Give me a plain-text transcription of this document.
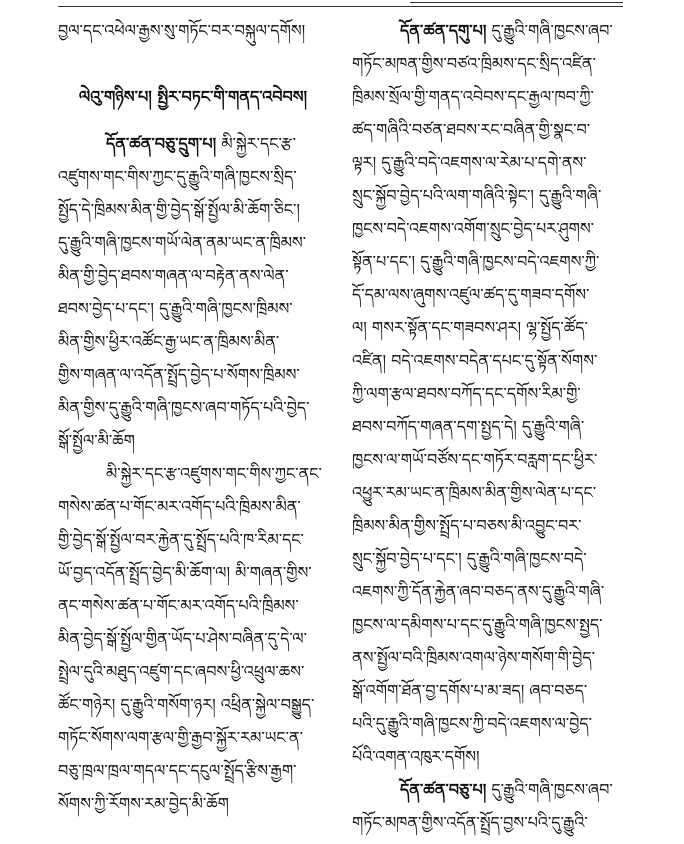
བྱལ་དང་འཕེལ་རྒྱས་སུ་གཏོང་བར་བསྐུལ་དགོས།
ལེའུ་གཉིས་པ། སྤྱིར་བཏང་གི་གནད་འབེབས།
དོན་ཚན་བཅུ་དྲུག་པ། མི་སྐྱེར་དང་རྩ་
འཛུགས་གང་གིས་ཀྱང་དུ་རྒྱུའི་གཞི་ཁྱངས་སྲིད་
སྤྱོད་དེ་ཁྲིམས་མིན་གྱི་བྱེད་སྒོ་སྤྱོལ་མི་ཆོག་ཅིང་།
དུ་རྒྱུའི་གཞི་ཁྱངས་གཡོ་ལེན་ནམ་ཡང་ན་ཁྲིམས་
མིན་གྱི་བྱེད་ཐབས་གཞན་ལ་བརྟེན་ནས་ལེན་
ཐབས་བྱེད་པ་དང་། དུ་རྒྱུའི་གཞི་ཁྱངས་ཁྲིམས་
མིན་གྱིས་ཕྱིར་འཚོང་རྒྱ་ཡང་ན་ཁྲིམས་མིན་
གྱིས་གཞན་ལ་འདོན་སྤྲོད་བྱེད་པ་སོགས་ཁྲིམས་
མིན་གྱིས་དུ་རྒྱུའི་གཞི་ཁྱངས་ཞབ་གཏོད་པའི་བྱེད་
སྒོ་སྤྱོལ་མི་ཆོག
མི་སྐྱེར་དང་རྩ་འཛུགས་གང་གིས་ཀྱང་ནང་
གསེས་ཚན་པ་གོང་མར་འགོད་པའི་ཁྲིམས་མིན་
གྱི་བྱེད་སྒོ་སྤྱོལ་བར་རྐྱེན་དུ་སྤྲོད་པའི་ཁ་རིམ་དང་
ཡོ་བྱད་འདོན་སྤྲོད་བྱེད་མི་ཆོག་ལ། མི་གཞན་གྱིས་
ནང་གསེས་ཚན་པ་གོང་མར་འགོད་པའི་ཁྲིམས་
མིན་བྱེད་སྒོ་སྤྱོལ་གྱིན་ཡོད་པ་ཤེས་བཞིན་དུ་དེ་ལ་
སྤྲེལ་དུའི་མཐུད་འཛུག་དང་ཞབས་ཕྱི་འཕྲུལ་ཆས་
ཚོང་གཉེར། དུ་རྒྱུའི་གསོག་ཉར། འཕྲིན་སྐྱེལ་བསྒྱུད་
གཏོང་སོགས་ལག་རྩལ་གྱི་རྒྱབ་སྐྱོར་རམ་ཡང་ན་
བཅུ་ཁྲལ་ཁྲལ་གདལ་དང་དངུལ་སྤྲོད་རྩིས་རྒྱག་
སོགས་ཀྱི་རོགས་རམ་བྱེད་མི་ཆོག
དོན་ཚན་དགུ་པ། དུ་རྒྱུའི་གཞི་ཁྱངས་ཞབ་
གཏོང་མཁན་གྱིས་བཙའ་ཁྲིམས་དང་སྲིད་འཛིན་
ཁྲིམས་སྲོལ་གྱི་གནད་འབེབས་དང་རྒྱལ་ཁབ་ཀྱི་
ཚད་གཞིའི་བཙན་ཐབས་རང་བཞིན་གྱི་སྣང་བ་
ལྟར། དུ་རྒྱུའི་བདེ་འཇགས་ལ་རེམ་པ་དགེ་ནས་
སྲུང་སྐྱོབ་བྱེད་པའི་ལག་གཞིའི་སྟེང་། དུ་རྒྱུའི་གཞི་
ཁྱངས་བདེ་འཇགས་འགོག་སྲུང་བྱེད་པར་ཤུགས་
སྟོན་པ་དང་། དུ་རྒྱུའི་གཞི་ཁྱངས་བདེ་འཇགས་ཀྱི་
དོ་དམ་ལས་ཞུགས་འཛུལ་ཚད་དུ་གཟབ་དགོས་
ལ། གསར་སྟོན་དང་གཟབས་ཤར། ལྷ་སྤྱོད་ཚོད་
འཛིན། བདེ་འཇགས་བདེན་དཔང་དུ་སྟོན་སོགས་
ཀྱི་ལག་རྩལ་ཐབས་བཀོད་དང་དགོས་རིམ་གྱི་
ཐབས་བཀོད་གཞན་དག་སྤྱད་དེ། དུ་རྒྱུའི་གཞི་
ཁྱངས་ལ་གཡོ་བཙོས་དང་གཏོར་བརླག་དང་ཕྱིར་
འཕྱུར་རམ་ཡང་ན་ཁྲིམས་མིན་གྱིས་ལེན་པ་དང་
ཁྲིམས་མིན་གྱིས་སྤྲོད་པ་བཅས་མི་འབྱུང་བར་
སྲུང་སྐྱོབ་བྱེད་པ་དང་། དུ་རྒྱུའི་གཞི་ཁྱངས་བདེ་
འཇགས་ཀྱི་དོན་རྐྱེན་ཞབ་བཅད་ནས་དུ་རྒྱུའི་གཞི་
ཁྱངས་ལ་དམིགས་པ་དང་དུ་རྒྱུའི་གཞི་ཁྱངས་སྤྱད་
ནས་སྤྱོལ་བའི་ཁྲིམས་འགལ་ཉེས་གསོག་གི་བྱེད་
སྒོ་འགོག་ཐོན་བྱ་དགོས་པ་མ་ཟད། ཞབ་བཅད་
པའི་དུ་རྒྱུའི་གཞི་ཁྱངས་ཀྱི་བདེ་འཇགས་ལ་བྱེད་
པོའི་འགན་འཁུར་དགོས།
དོན་ཚན་བཅུ་པ། དུ་རྒྱུའི་གཞི་ཁྱངས་ཞབ་
གཏོང་མཁན་གྱིས་འདོན་སྤྲོད་བྱས་པའི་དུ་རྒྱུའི་
